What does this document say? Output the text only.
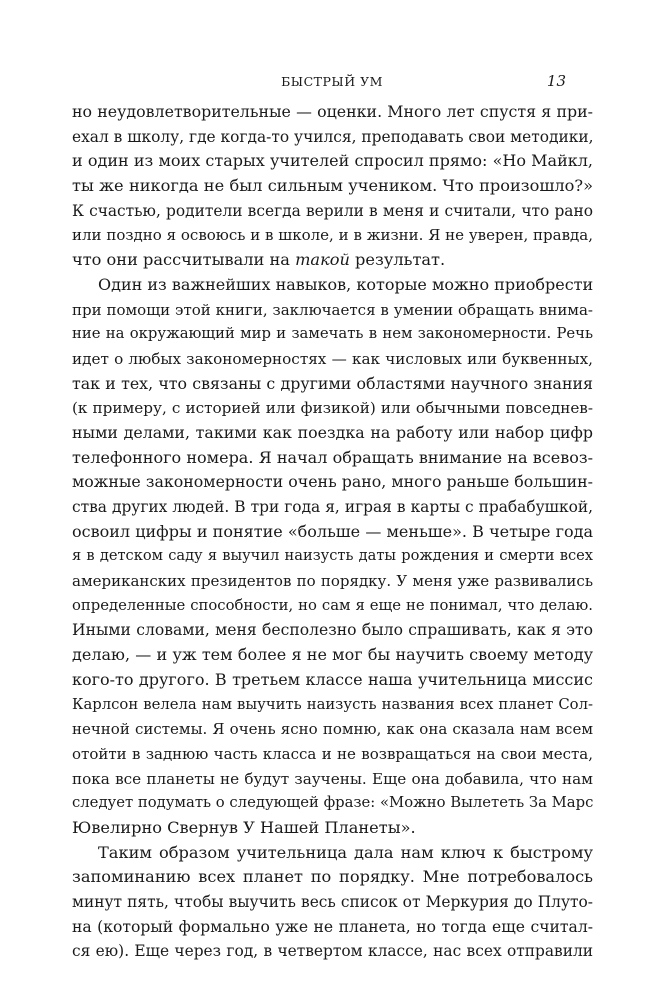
БЫСТРЫЙ УМ	13
но неудовлетворительные — оценки. Много лет спустя я при-
ехал в школу, где когда-то учился, преподавать свои методики,
и один из моих старых учителей спросил прямо: «Но Майкл,
ты же никогда не был сильным учеником. Что произошло?»
К счастью, родители всегда верили в меня и считали, что рано
или поздно я освоюсь и в школе, и в жизни. Я не уверен, правда,
что они рассчитывали на такой результат.
Один из важнейших навыков, которые можно приобрести
при помощи этой книги, заключается в умении обращать внима-
ние на окружающий мир и замечать в нем закономерности. Речь
идет о любых закономерностях — как числовых или буквенных,
так и тех, что связаны с другими областями научного знания
(к примеру, с историей или физикой) или обычными повседнев-
ными делами, такими как поездка на работу или набор цифр
телефонного номера. Я начал обращать внимание на всевоз-
можные закономерности очень рано, много раньше большин-
ства других людей. В три года я, играя в карты с прабабушкой,
освоил цифры и понятие «больше — меньше». В четыре года
я в детском саду я выучил наизусть даты рождения и смерти всех
американских президентов по порядку. У меня уже развивались
определенные способности, но сам я еще не понимал, что делаю.
Иными словами, меня бесполезно было спрашивать, как я это
делаю, — и уж тем более я не мог бы научить своему методу
кого-то другого. В третьем классе наша учительница миссис
Карлсон велела нам выучить наизусть названия всех планет Сол-
нечной системы. Я очень ясно помню, как она сказала нам всем
отойти в заднюю часть класса и не возвращаться на свои места,
пока все планеты не будут заучены. Еще она добавила, что нам
следует подумать о следующей фразе: «Можно Вылететь За Марс
Ювелирно Свернув У Нашей Планеты».
Таким образом учительница дала нам ключ к быстрому
запоминанию всех планет по порядку. Мне потребовалось
минут пять, чтобы выучить весь список от Меркурия до Плуто-
на (который формально уже не планета, но тогда еще считал-
ся ею). Еще через год, в четвертом классе, нас всех отправили
